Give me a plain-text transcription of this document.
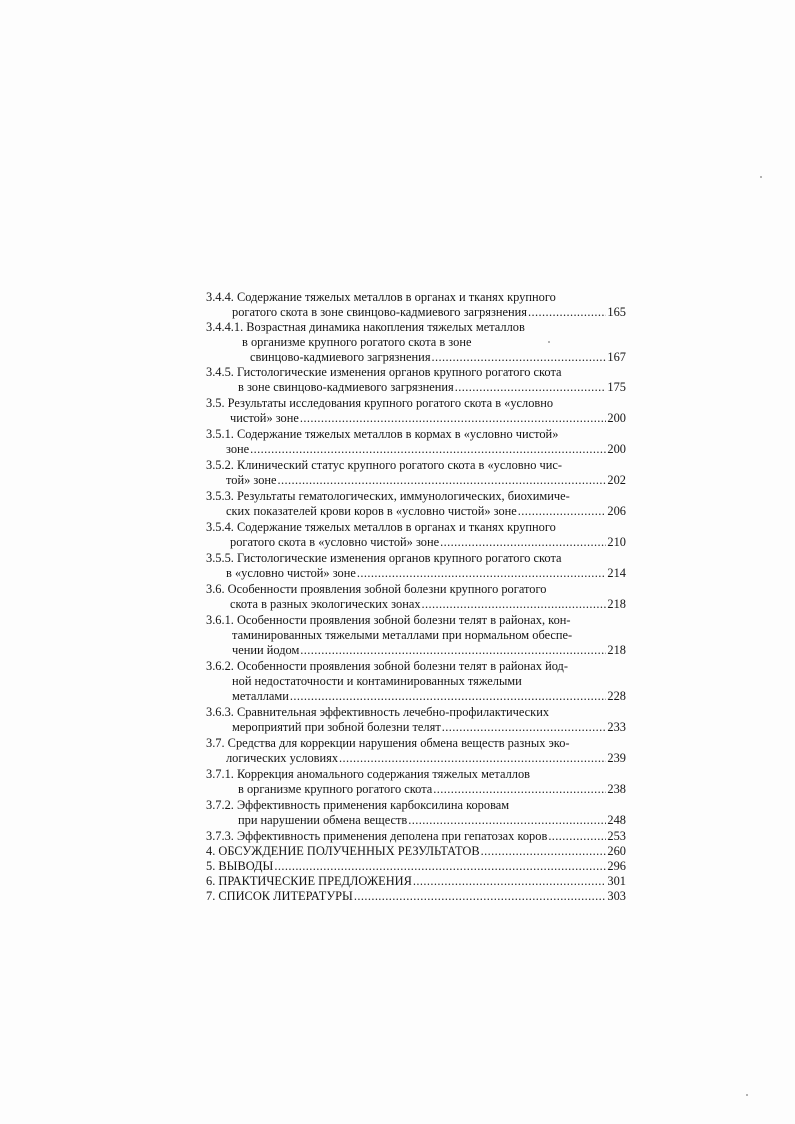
3.4.4. Содержание тяжелых металлов в органах и тканях крупного
рогатого скота в зоне свинцово-кадмиевого загрязнения .....	165
3.4.4.1. Возрастная динамика накопления тяжелых металлов
в организме крупного рогатого скота в зоне
свинцово-кадмиевого загрязнения .....	167
3.4.5. Гистологические изменения органов крупного рогатого скота
в зоне свинцово-кадмиевого загрязнения .....	175
3.5. Результаты исследования крупного рогатого скота в «условно
чистой» зоне .....	200
3.5.1. Содержание тяжелых металлов в кормах в «условно чистой»
зоне .....	200
3.5.2. Клинический статус крупного рогатого скота в «условно чис-
той» зоне .....	202
3.5.3. Результаты гематологических, иммунологических, биохимиче-
ских показателей крови коров в «условно чистой» зоне .....	206
3.5.4. Содержание тяжелых металлов в органах и тканях крупного
рогатого скота в «условно чистой» зоне .....	210
3.5.5. Гистологические изменения органов крупного рогатого скота
в «условно чистой» зоне .....	214
3.6. Особенности проявления зобной болезни крупного рогатого
скота в разных экологических зонах .....	218
3.6.1. Особенности проявления зобной болезни телят в районах, кон-
таминированных тяжелыми металлами при нормальном обеспе-
чении йодом .....	218
3.6.2. Особенности проявления зобной болезни телят в районах йод-
ной недостаточности и контаминированных тяжелыми
металлами .....	228
3.6.3. Сравнительная эффективность лечебно-профилактических
мероприятий при зобной болезни телят .....	233
3.7. Средства для коррекции нарушения обмена веществ разных эко-
логических условиях .....	239
3.7.1. Коррекция аномального содержания тяжелых металлов
в организме крупного рогатого скота .....	238
3.7.2. Эффективность применения карбоксилина коровам
при нарушении обмена веществ .....	248
3.7.3. Эффективность применения деполена при гепатозах коров .....	253
4. ОБСУЖДЕНИЕ ПОЛУЧЕННЫХ РЕЗУЛЬТАТОВ .....	260
5. ВЫВОДЫ .....	296
6. ПРАКТИЧЕСКИЕ ПРЕДЛОЖЕНИЯ .....	301
7. СПИСОК ЛИТЕРАТУРЫ .....	303
